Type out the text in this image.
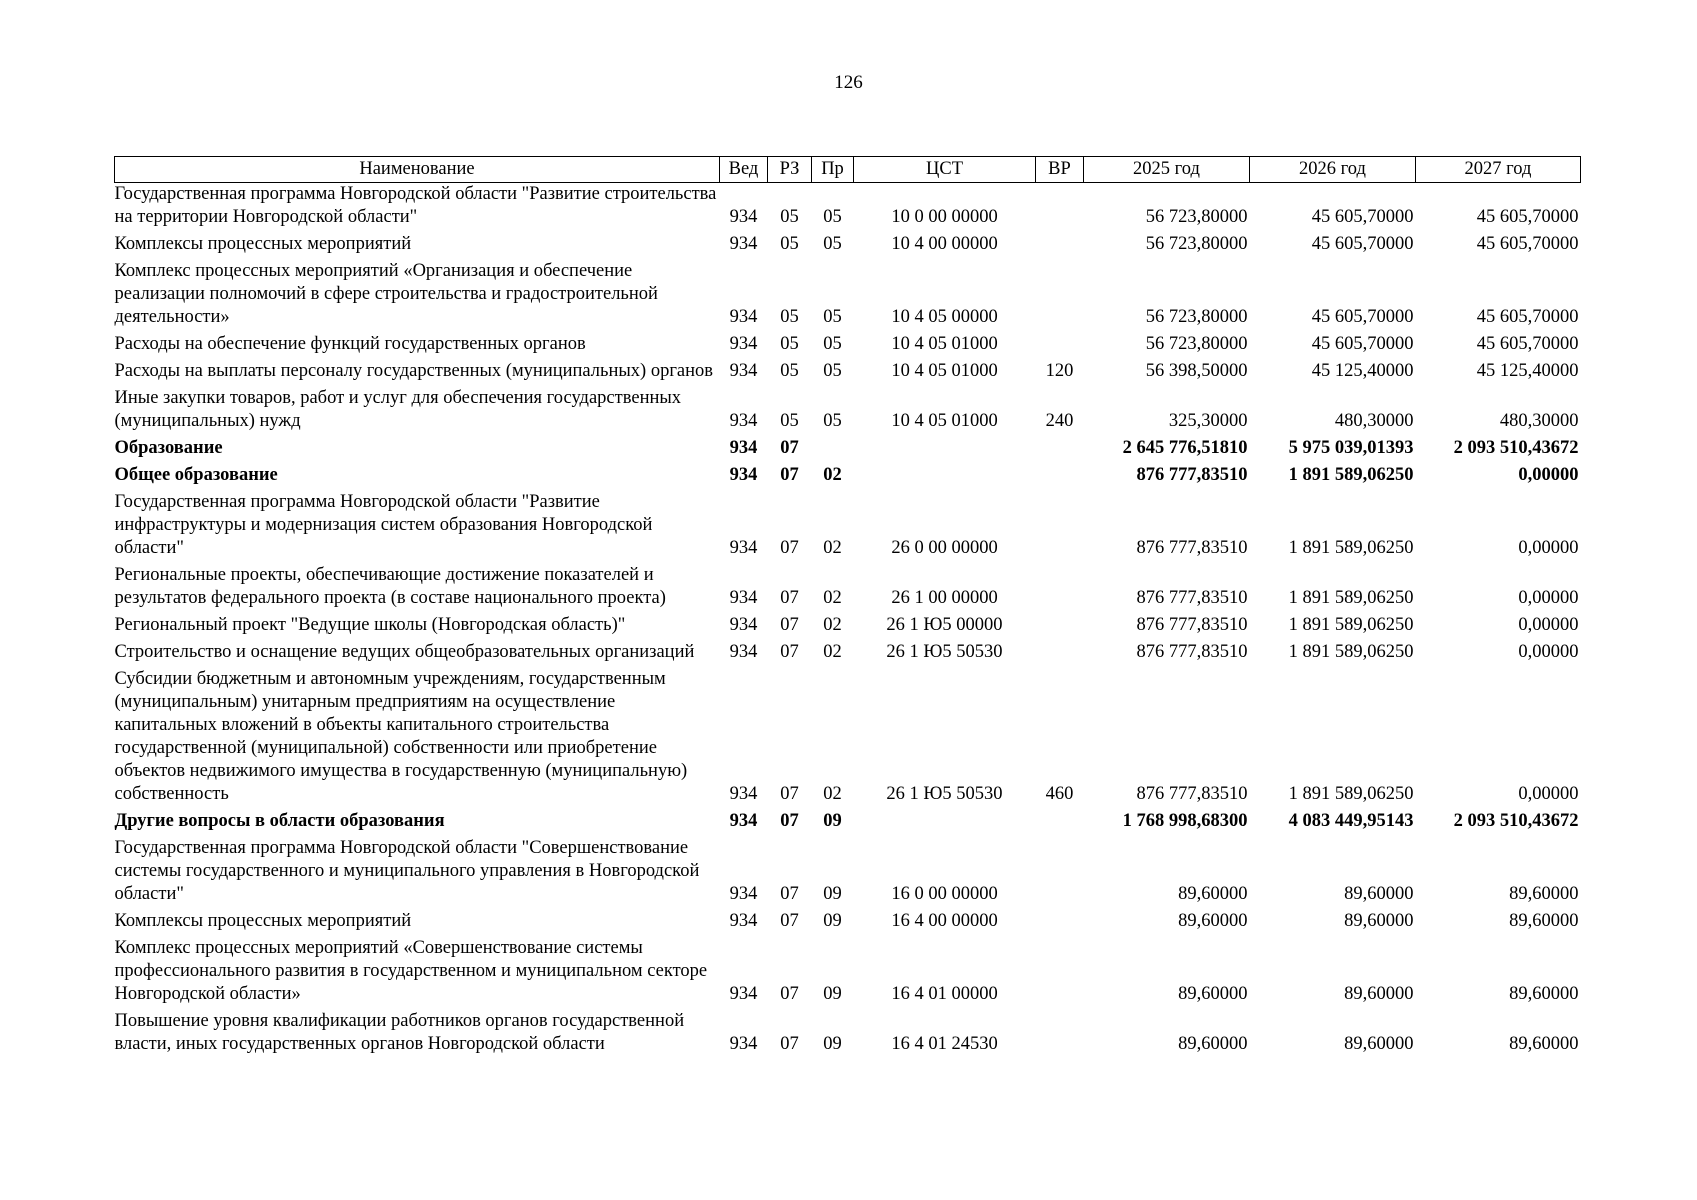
126
Наименование	Вед	РЗ	Пр	ЦСТ	ВР	2025 год	2026 год	2027 год
Государственная программа Новгородской области "Развитие строительства на территории Новгородской области"	934	05	05	10 0 00 00000		56 723,80000	45 605,70000	45 605,70000
Комплексы процессных мероприятий	934	05	05	10 4 00 00000		56 723,80000	45 605,70000	45 605,70000
Комплекс процессных мероприятий «Организация и обеспечение реализации полномочий в сфере строительства и градостроительной деятельности»	934	05	05	10 4 05 00000		56 723,80000	45 605,70000	45 605,70000
Расходы на обеспечение функций государственных органов	934	05	05	10 4 05 01000		56 723,80000	45 605,70000	45 605,70000
Расходы на выплаты персоналу государственных (муниципальных) органов	934	05	05	10 4 05 01000	120	56 398,50000	45 125,40000	45 125,40000
Иные закупки товаров, работ и услуг для обеспечения государственных (муниципальных) нужд	934	05	05	10 4 05 01000	240	325,30000	480,30000	480,30000
Образование	934	07				2 645 776,51810	5 975 039,01393	2 093 510,43672
Общее образование	934	07	02			876 777,83510	1 891 589,06250	0,00000
Государственная программа Новгородской области "Развитие инфраструктуры и модернизация систем образования Новгородской области"	934	07	02	26 0 00 00000		876 777,83510	1 891 589,06250	0,00000
Региональные проекты, обеспечивающие достижение показателей и результатов федерального проекта (в составе национального проекта)	934	07	02	26 1 00 00000		876 777,83510	1 891 589,06250	0,00000
Региональный проект "Ведущие школы (Новгородская область)"	934	07	02	26 1 Ю5 00000		876 777,83510	1 891 589,06250	0,00000
Строительство и оснащение ведущих общеобразовательных организаций	934	07	02	26 1 Ю5 50530		876 777,83510	1 891 589,06250	0,00000
Субсидии бюджетным и автономным учреждениям, государственным (муниципальным) унитарным предприятиям на осуществление капитальных вложений в объекты капитального строительства государственной (муниципальной) собственности или приобретение объектов недвижимого имущества в государственную (муниципальную) собственность	934	07	02	26 1 Ю5 50530	460	876 777,83510	1 891 589,06250	0,00000
Другие вопросы в области образования	934	07	09			1 768 998,68300	4 083 449,95143	2 093 510,43672
Государственная программа Новгородской области "Совершенствование системы государственного и муниципального управления в Новгородской области"	934	07	09	16 0 00 00000		89,60000	89,60000	89,60000
Комплексы процессных мероприятий	934	07	09	16 4 00 00000		89,60000	89,60000	89,60000
Комплекс процессных мероприятий «Совершенствование системы профессионального развития в государственном и муниципальном секторе Новгородской области»	934	07	09	16 4 01 00000		89,60000	89,60000	89,60000
Повышение уровня квалификации работников органов государственной власти, иных государственных органов Новгородской области	934	07	09	16 4 01 24530		89,60000	89,60000	89,60000
